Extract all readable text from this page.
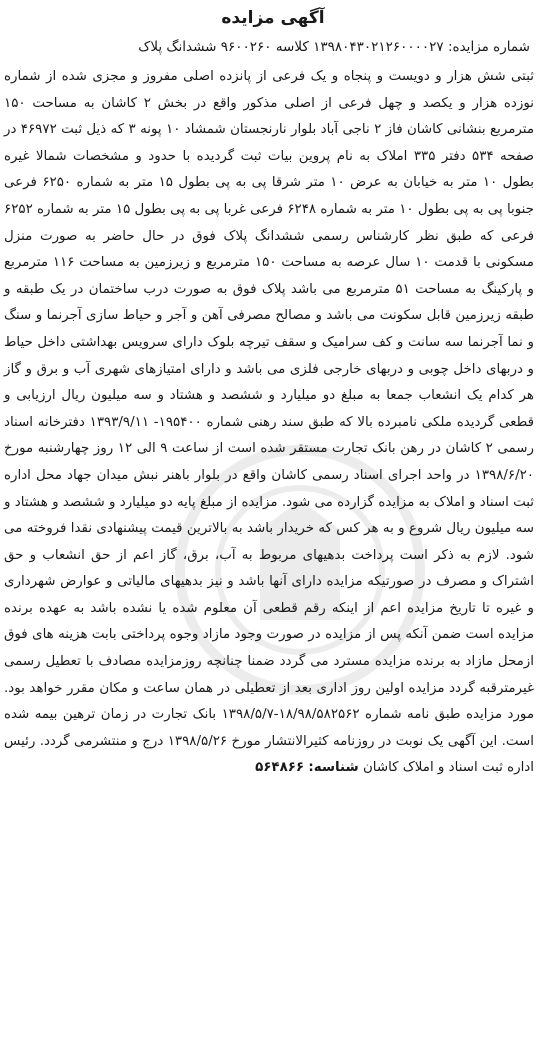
آگهی مزایده

شماره مزایده: ۱۳۹۸۰۴۳۰۲۱۲۶۰۰۰۰۲۷ کلاسه ۹۶۰۰۲۶۰ ششدانگ پلاک

ثبتی شش هزار و دویست و پنجاه و یک فرعی از پانزده اصلی مفروز و مجزی شده از شماره نوزده هزار و یکصد و چهل فرعی از اصلی مذکور واقع در بخش ۲ کاشان به مساحت ۱۵۰ مترمربع بنشانی کاشان فاز ۲ ناجی آباد بلوار نارنجستان شمشاد ۱۰ پونه ۳ که ذیل ثبت ۴۶۹۷۲ در صفحه ۵۳۴ دفتر ۳۳۵ املاک به نام پروین بیات ثبت گردیده با حدود و مشخصات شمالا غیره بطول ۱۰ متر به خیابان به عرض ۱۰ متر شرقا پی به پی بطول ۱۵ متر به شماره ۶۲۵۰ فرعی جنوبا پی به پی بطول ۱۰ متر به شماره ۶۲۴۸ فرعی غربا پی به پی بطول ۱۵ متر به شماره ۶۲۵۲ فرعی که طبق نظر کارشناس رسمی ششدانگ پلاک فوق در حال حاضر به صورت منزل مسکونی با قدمت ۱۰ سال عرصه به مساحت ۱۵۰ مترمربع و زیرزمین به مساحت ۱۱۶ مترمربع و پارکینگ به مساحت ۵۱ مترمربع می باشد پلاک فوق به صورت درب ساختمان در یک طبقه و طبقه زیرزمین قابل سکونت می باشد و مصالح مصرفی آهن و آجر و حیاط سازی آجرنما و سنگ و نما آجرنما سه سانت و کف سرامیک و سقف تیرچه بلوک دارای سرویس بهداشتی داخل حیاط و دربهای داخل چوبی و دربهای خارجی فلزی می باشد و دارای امتیازهای شهری آب و برق و گاز هر کدام یک انشعاب جمعا به مبلغ دو میلیارد و ششصد و هشتاد و سه میلیون ریال ارزیابی و قطعی گردیده ملکی نامبرده بالا که طبق سند رهنی شماره ۱۹۵۴۰۰- ۱۳۹۳/۹/۱۱ دفترخانه اسناد رسمی ۲ کاشان در رهن بانک تجارت مستقر شده است از ساعت ۹ الی ۱۲ روز چهارشنبه مورخ ۱۳۹۸/۶/۲۰ در واحد اجرای اسناد رسمی کاشان واقع در بلوار باهنر نبش میدان جهاد محل اداره ثبت اسناد و املاک به مزایده گزارده می شود. مزایده از مبلغ پایه دو میلیارد و ششصد و هشتاد و سه میلیون ریال شروع و به هر کس که خریدار باشد به بالاترین قیمت پیشنهادی نقدا فروخته می شود. لازم به ذکر است پرداخت بدهیهای مربوط به آب، برق، گاز اعم از حق انشعاب و حق اشتراک و مصرف در صورتیکه مزایده دارای آنها باشد و نیز بدهیهای مالیاتی و عوارض شهرداری و غیره تا تاریخ مزایده اعم از اینکه رقم قطعی آن معلوم شده یا نشده باشد به عهده برنده مزایده است ضمن آنکه پس از مزایده در صورت وجود مازاد وجوه پرداختی بابت هزینه های فوق ازمحل مازاد به برنده مزایده مسترد می گردد ضمنا چنانچه روزمزایده مصادف با تعطیل رسمی غیرمترقبه گردد مزایده اولین روز اداری بعد از تعطیلی در همان ساعت و مکان مقرر خواهد بود. مورد مزایده طبق نامه شماره ۱۸/۹۸/۵۸۲۵۶۲-۱۳۹۸/۵/۷ بانک تجارت در زمان ترهین بیمه شده است. این آگهی یک نوبت در روزنامه کثیرالانتشار مورخ ۱۳۹۸/۵/۲۶ درج و منتشرمی گردد. رئیس اداره ثبت اسناد و املاک کاشان شناسه: ۵۶۴۸۶۶
